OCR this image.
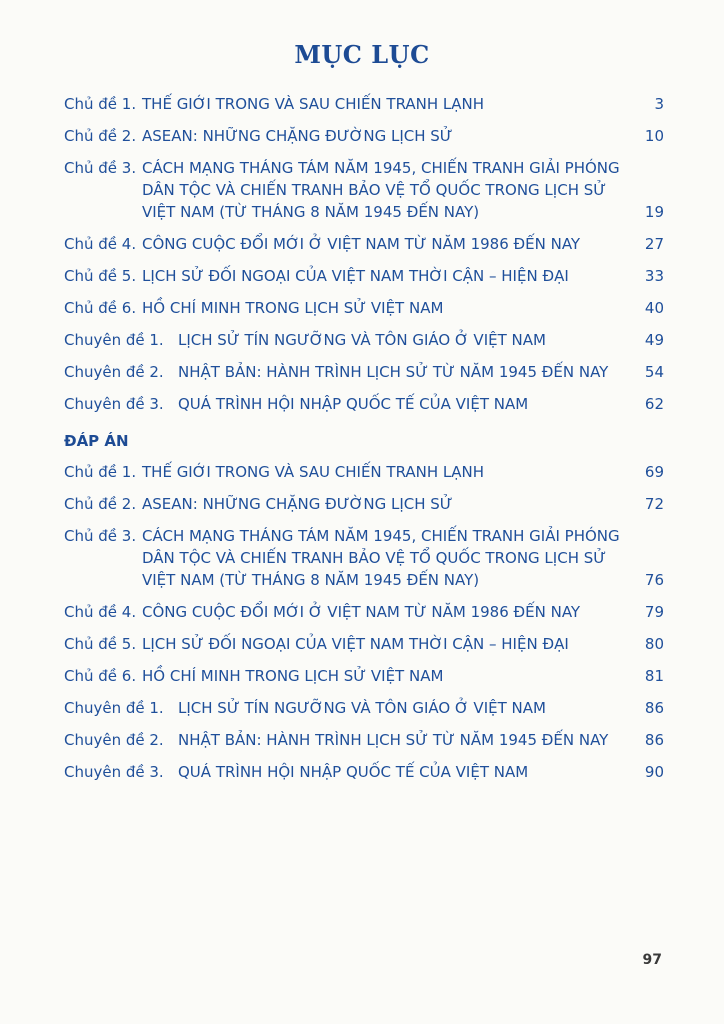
MỤC LỤC
Chủ đề 1. THẾ GIỚI TRONG VÀ SAU CHIẾN TRANH LẠNH	3
Chủ đề 2. ASEAN: NHỮNG CHẶNG ĐƯỜNG LỊCH SỬ	10
Chủ đề 3. CÁCH MẠNG THÁNG TÁM NĂM 1945, CHIẾN TRANH GIẢI PHÓNG
DÂN TỘC VÀ CHIẾN TRANH BẢO VỆ TỔ QUỐC TRONG LỊCH SỬ
VIỆT NAM (TỪ THÁNG 8 NĂM 1945 ĐẾN NAY)	19
Chủ đề 4. CÔNG CUỘC ĐỔI MỚI Ở VIỆT NAM TỪ NĂM 1986 ĐẾN NAY	27
Chủ đề 5. LỊCH SỬ ĐỐI NGOẠI CỦA VIỆT NAM THỜI CẬN – HIỆN ĐẠI	33
Chủ đề 6. HỒ CHÍ MINH TRONG LỊCH SỬ VIỆT NAM	40
Chuyên đề 1. LỊCH SỬ TÍN NGƯỠNG VÀ TÔN GIÁO Ở VIỆT NAM	49
Chuyên đề 2. NHẬT BẢN: HÀNH TRÌNH LỊCH SỬ TỪ NĂM 1945 ĐẾN NAY 54
Chuyên đề 3. QUÁ TRÌNH HỘI NHẬP QUỐC TẾ CỦA VIỆT NAM	62
ĐÁP ÁN
Chủ đề 1. THẾ GIỚI TRONG VÀ SAU CHIẾN TRANH LẠNH	69
Chủ đề 2. ASEAN: NHỮNG CHẶNG ĐƯỜNG LỊCH SỬ	72
Chủ đề 3. CÁCH MẠNG THÁNG TÁM NĂM 1945, CHIẾN TRANH GIẢI PHÓNG
DÂN TỘC VÀ CHIẾN TRANH BẢO VỆ TỔ QUỐC TRONG LỊCH SỬ
VIỆT NAM (TỪ THÁNG 8 NĂM 1945 ĐẾN NAY)	76
Chủ đề 4. CÔNG CUỘC ĐỔI MỚI Ở VIỆT NAM TỪ NĂM 1986 ĐẾN NAY	79
Chủ đề 5. LỊCH SỬ ĐỐI NGOẠI CỦA VIỆT NAM THỜI CẬN – HIỆN ĐẠI	80
Chủ đề 6. HỒ CHÍ MINH TRONG LỊCH SỬ VIỆT NAM	81
Chuyên đề 1. LỊCH SỬ TÍN NGƯỠNG VÀ TÔN GIÁO Ở VIỆT NAM	86
Chuyên đề 2. NHẬT BẢN: HÀNH TRÌNH LỊCH SỬ TỪ NĂM 1945 ĐẾN NAY 86
Chuyên đề 3. QUÁ TRÌNH HỘI NHẬP QUỐC TẾ CỦA VIỆT NAM	90
97
